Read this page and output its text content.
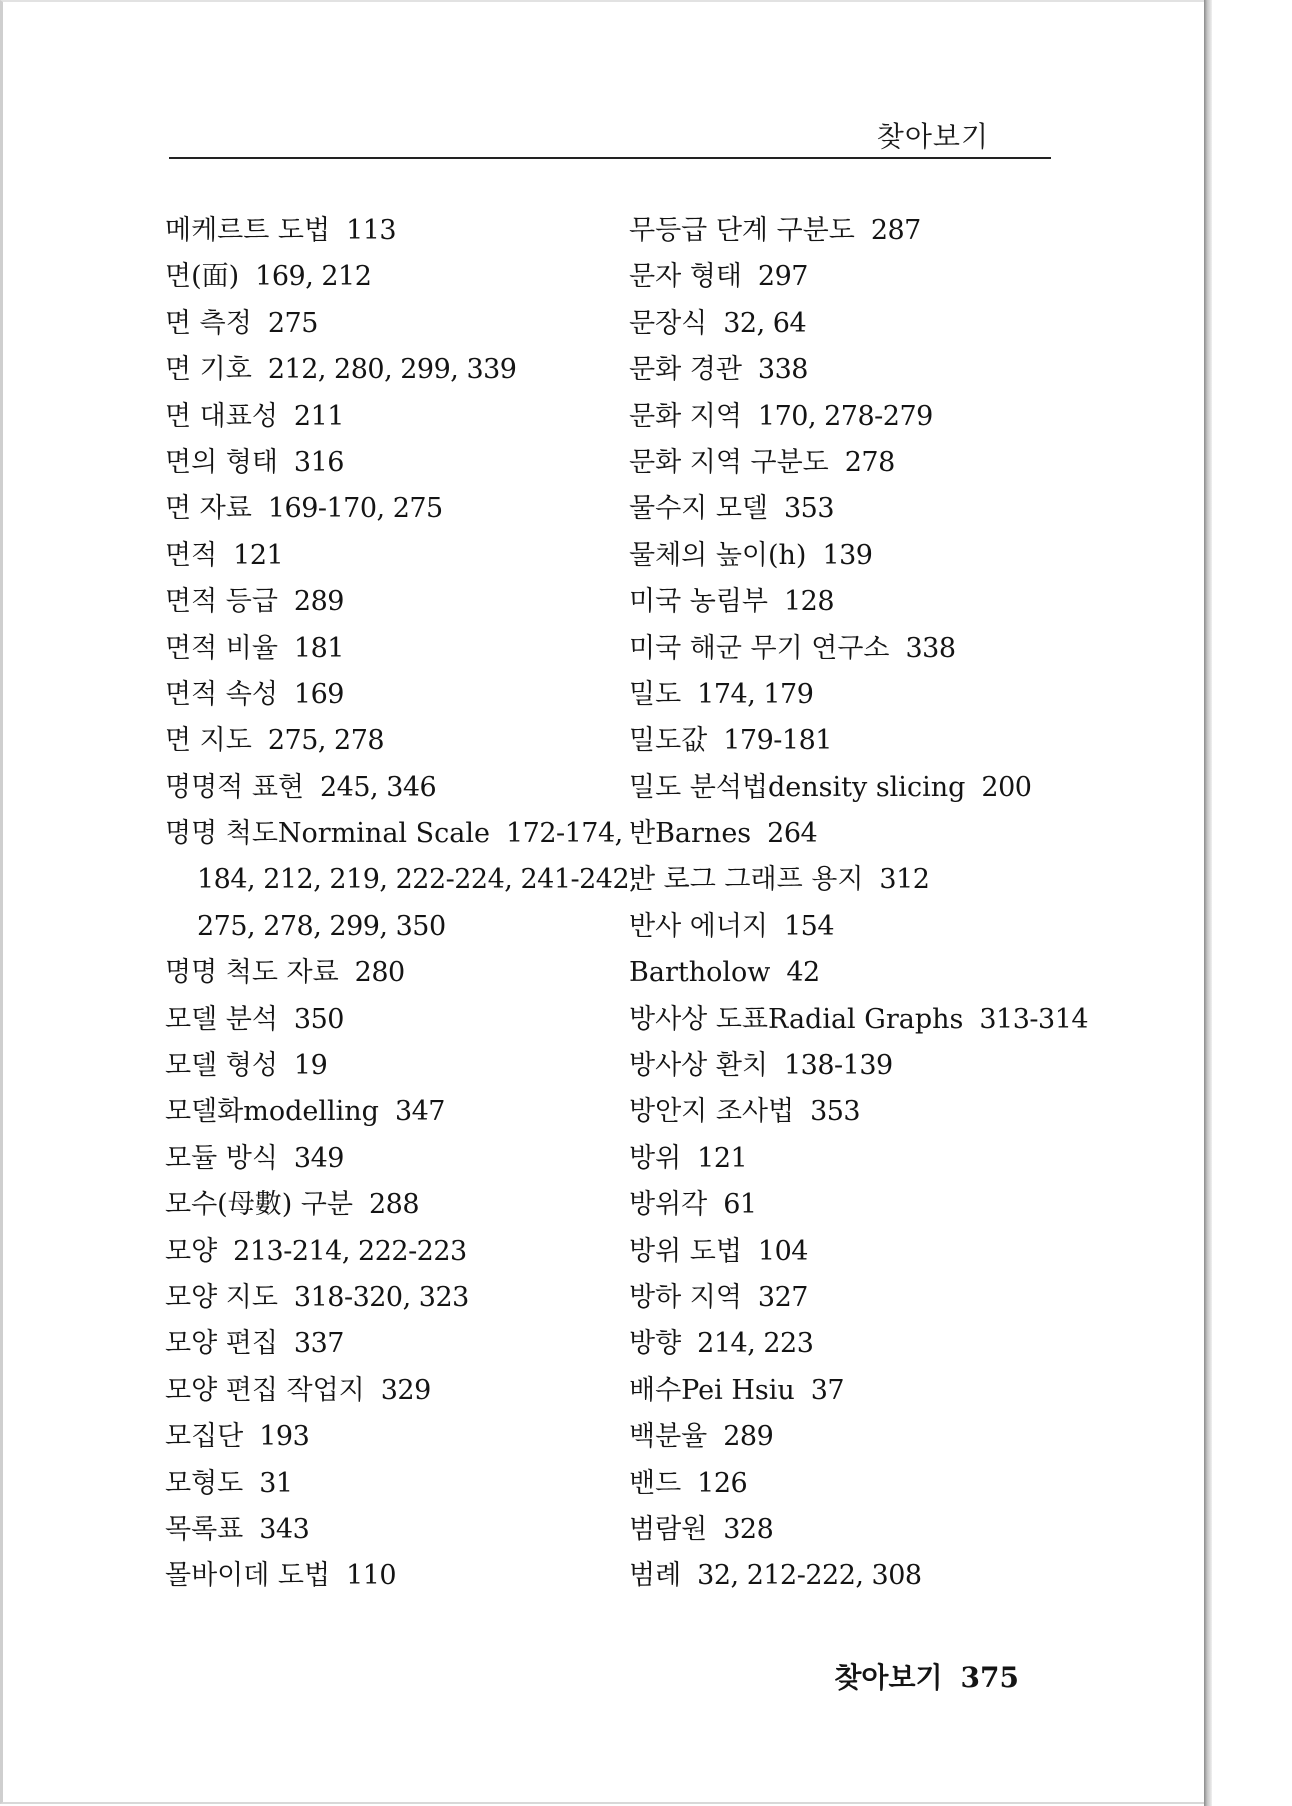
찾아보기
메케르트 도법 113
면(面) 169, 212
면 측정 275
면 기호 212, 280, 299, 339
면 대표성 211
면의 형태 316
면 자료 169-170, 275
면적 121
면적 등급 289
면적 비율 181
면적 속성 169
면 지도 275, 278
명명적 표현 245, 346
명명 척도Norminal Scale 172-174,
184, 212, 219, 222-224, 241-242,
275, 278, 299, 350
명명 척도 자료 280
모델 분석 350
모델 형성 19
모델화modelling 347
모듈 방식 349
모수(母數) 구분 288
모양 213-214, 222-223
모양 지도 318-320, 323
모양 편집 337
모양 편집 작업지 329
모집단 193
모형도 31
목록표 343
몰바이데 도법 110
무등급 단계 구분도 287
문자 형태 297
문장식 32, 64
문화 경관 338
문화 지역 170, 278-279
문화 지역 구분도 278
물수지 모델 353
물체의 높이(h) 139
미국 농림부 128
미국 해군 무기 연구소 338
밀도 174, 179
밀도값 179-181
밀도 분석법density slicing 200
반Barnes 264
반 로그 그래프 용지 312
반사 에너지 154
Bartholow 42
방사상 도표Radial Graphs 313-314
방사상 환치 138-139
방안지 조사법 353
방위 121
방위각 61
방위 도법 104
방하 지역 327
방향 214, 223
배수Pei Hsiu 37
백분율 289
밴드 126
범람원 328
범례 32, 212-222, 308
찾아보기 375
